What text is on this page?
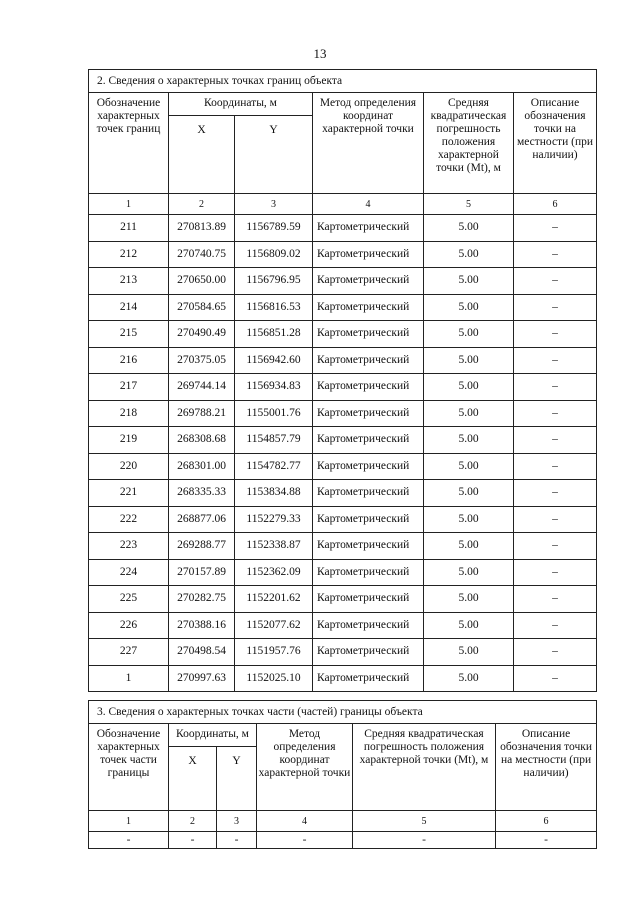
13
2. Сведения о характерных точках границ объекта					
Обозначение характерных точек границ	Координаты, м		Метод определения координат характерной точки	Средняя квадратическая погрешность положения характерной точки (Mt), м	Описание обозначения точки на местности (при наличии)
	X	Y			
1	2	3	4	5	6
211	270813.89	1156789.59	Картометрический	5.00	–
212	270740.75	1156809.02	Картометрический	5.00	–
213	270650.00	1156796.95	Картометрический	5.00	–
214	270584.65	1156816.53	Картометрический	5.00	–
215	270490.49	1156851.28	Картометрический	5.00	–
216	270375.05	1156942.60	Картометрический	5.00	–
217	269744.14	1156934.83	Картометрический	5.00	–
218	269788.21	1155001.76	Картометрический	5.00	–
219	268308.68	1154857.79	Картометрический	5.00	–
220	268301.00	1154782.77	Картометрический	5.00	–
221	268335.33	1153834.88	Картометрический	5.00	–
222	268877.06	1152279.33	Картометрический	5.00	–
223	269288.77	1152338.87	Картометрический	5.00	–
224	270157.89	1152362.09	Картометрический	5.00	–
225	270282.75	1152201.62	Картометрический	5.00	–
226	270388.16	1152077.62	Картометрический	5.00	–
227	270498.54	1151957.76	Картометрический	5.00	–
1	270997.63	1152025.10	Картометрический	5.00	–
3. Сведения о характерных точках части (частей) границы объекта					
Обозначение характерных точек части границы	Координаты, м		Метод определения координат характерной точки	Средняя квадратическая погрешность положения характерной точки (Mt), м	Описание обозначения точки на местности (при наличии)
	X	Y			
1	2	3	4	5	6
-	-	-	-	-	-
